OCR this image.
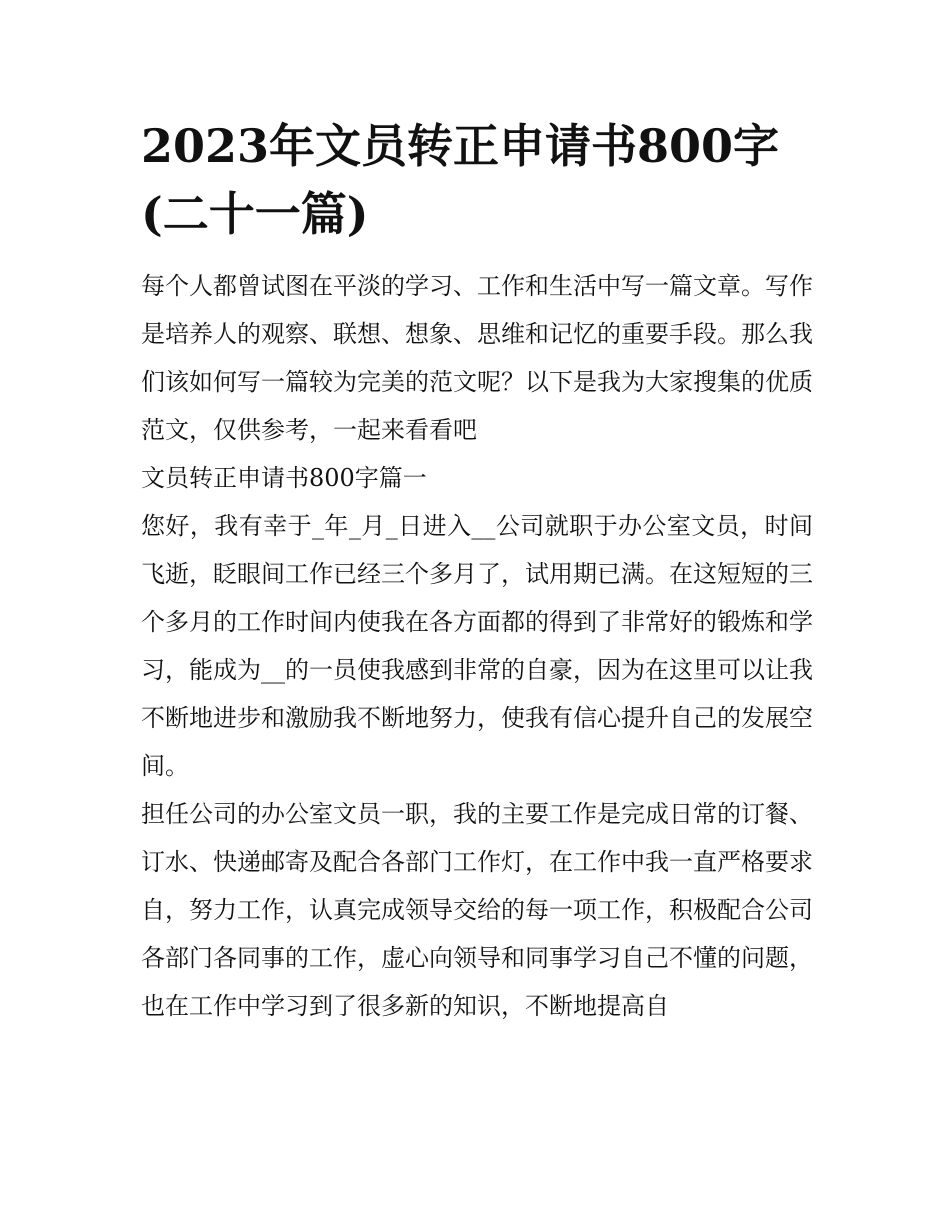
2023年文员转正申请书800字(二十一篇)

每个人都曾试图在平淡的学习、工作和生活中写一篇文章。写作是培养人的观察、联想、想象、思维和记忆的重要手段。那么我们该如何写一篇较为完美的范文呢？以下是我为大家搜集的优质范文，仅供参考，一起来看看吧

文员转正申请书800字篇一

您好，我有幸于_年_月_日进入__公司就职于办公室文员，时间飞逝，眨眼间工作已经三个多月了，试用期已满。在这短短的三个多月的工作时间内使我在各方面都的得到了非常好的锻炼和学习，能成为__的一员使我感到非常的自豪，因为在这里可以让我不断地进步和激励我不断地努力，使我有信心提升自己的发展空间。

担任公司的办公室文员一职，我的主要工作是完成日常的订餐、订水、快递邮寄及配合各部门工作灯，在工作中我一直严格要求自，努力工作，认真完成领导交给的每一项工作，积极配合公司各部门各同事的工作，虚心向领导和同事学习自己不懂的问题，也在工作中学习到了很多新的知识，不断地提高自
